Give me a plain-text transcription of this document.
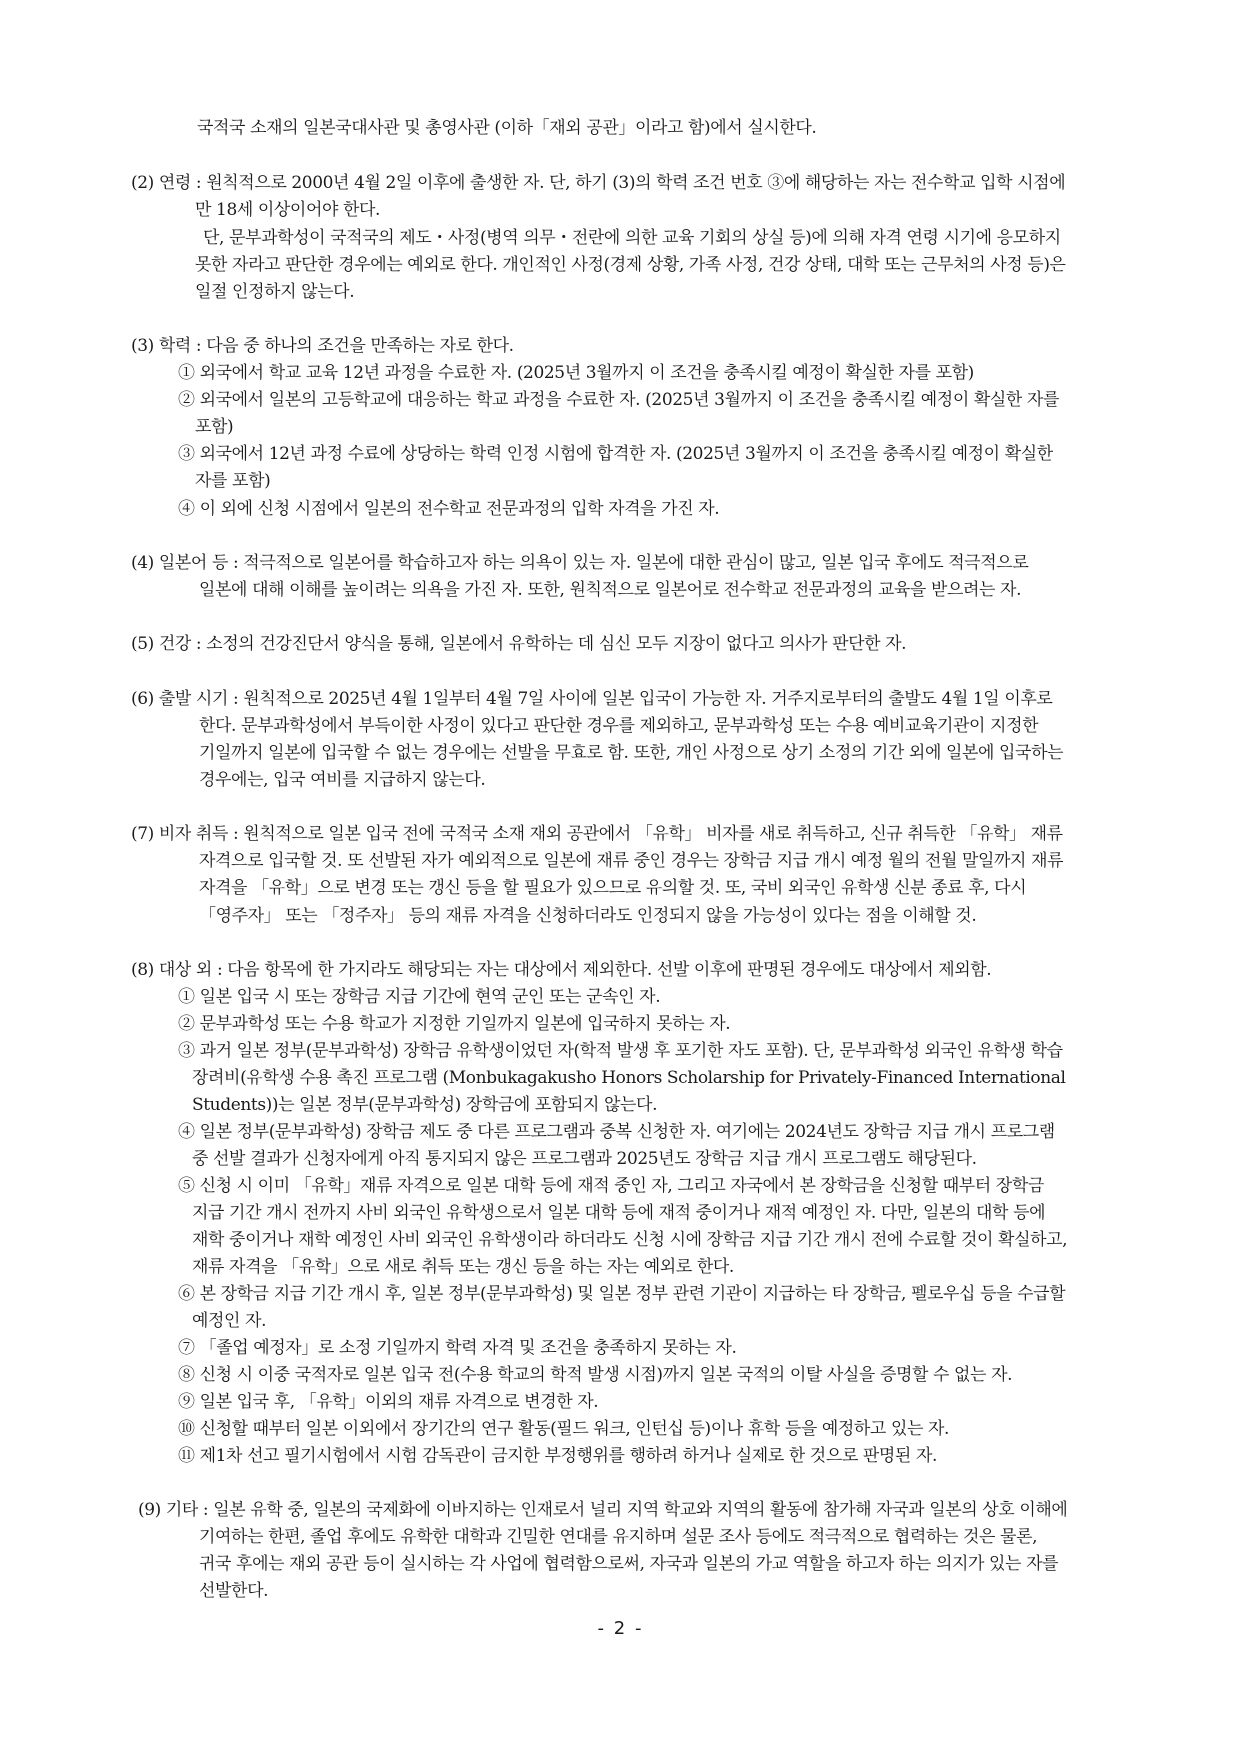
국적국 소재의 일본국대사관 및 총영사관 (이하「재외 공관」이라고 함)에서 실시한다.
(2) 연령 : 원칙적으로 2000년 4월 2일 이후에 출생한 자. 단, 하기 (3)의 학력 조건 번호 ③에 해당하는 자는 전수학교 입학 시점에
만 18세 이상이어야 한다.
단, 문부과학성이 국적국의 제도・사정(병역 의무・전란에 의한 교육 기회의 상실 등)에 의해 자격 연령 시기에 응모하지
못한 자라고 판단한 경우에는 예외로 한다. 개인적인 사정(경제 상황, 가족 사정, 건강 상태, 대학 또는 근무처의 사정 등)은
일절 인정하지 않는다.
(3) 학력 : 다음 중 하나의 조건을 만족하는 자로 한다.
① 외국에서 학교 교육 12년 과정을 수료한 자. (2025년 3월까지 이 조건을 충족시킬 예정이 확실한 자를 포함)
② 외국에서 일본의 고등학교에 대응하는 학교 과정을 수료한 자. (2025년 3월까지 이 조건을 충족시킬 예정이 확실한 자를
포함)
③ 외국에서 12년 과정 수료에 상당하는 학력 인정 시험에 합격한 자. (2025년 3월까지 이 조건을 충족시킬 예정이 확실한
자를 포함)
④ 이 외에 신청 시점에서 일본의 전수학교 전문과정의 입학 자격을 가진 자.
(4) 일본어 등 : 적극적으로 일본어를 학습하고자 하는 의욕이 있는 자. 일본에 대한 관심이 많고, 일본 입국 후에도 적극적으로
일본에 대해 이해를 높이려는 의욕을 가진 자. 또한, 원칙적으로 일본어로 전수학교 전문과정의 교육을 받으려는 자.
(5) 건강 : 소정의 건강진단서 양식을 통해, 일본에서 유학하는 데 심신 모두 지장이 없다고 의사가 판단한 자.
(6) 출발 시기 : 원칙적으로 2025년 4월 1일부터 4월 7일 사이에 일본 입국이 가능한 자. 거주지로부터의 출발도 4월 1일 이후로
한다. 문부과학성에서 부득이한 사정이 있다고 판단한 경우를 제외하고, 문부과학성 또는 수용 예비교육기관이 지정한
기일까지 일본에 입국할 수 없는 경우에는 선발을 무효로 함. 또한, 개인 사정으로 상기 소정의 기간 외에 일본에 입국하는
경우에는, 입국 여비를 지급하지 않는다.
(7) 비자 취득 : 원칙적으로 일본 입국 전에 국적국 소재 재외 공관에서 「유학」 비자를 새로 취득하고, 신규 취득한 「유학」 재류
자격으로 입국할 것. 또 선발된 자가 예외적으로 일본에 재류 중인 경우는 장학금 지급 개시 예정 월의 전월 말일까지 재류
자격을 「유학」으로 변경 또는 갱신 등을 할 필요가 있으므로 유의할 것. 또, 국비 외국인 유학생 신분 종료 후, 다시
「영주자」 또는 「정주자」 등의 재류 자격을 신청하더라도 인정되지 않을 가능성이 있다는 점을 이해할 것.
(8) 대상 외 : 다음 항목에 한 가지라도 해당되는 자는 대상에서 제외한다. 선발 이후에 판명된 경우에도 대상에서 제외함.
① 일본 입국 시 또는 장학금 지급 기간에 현역 군인 또는 군속인 자.
② 문부과학성 또는 수용 학교가 지정한 기일까지 일본에 입국하지 못하는 자.
③ 과거 일본 정부(문부과학성) 장학금 유학생이었던 자(학적 발생 후 포기한 자도 포함). 단, 문부과학성 외국인 유학생 학습
장려비(유학생 수용 촉진 프로그램 (Monbukagakusho Honors Scholarship for Privately-Financed International
Students))는 일본 정부(문부과학성) 장학금에 포함되지 않는다.
④ 일본 정부(문부과학성) 장학금 제도 중 다른 프로그램과 중복 신청한 자. 여기에는 2024년도 장학금 지급 개시 프로그램
중 선발 결과가 신청자에게 아직 통지되지 않은 프로그램과 2025년도 장학금 지급 개시 프로그램도 해당된다.
⑤ 신청 시 이미 「유학」재류 자격으로 일본 대학 등에 재적 중인 자, 그리고 자국에서 본 장학금을 신청할 때부터 장학금
지급 기간 개시 전까지 사비 외국인 유학생으로서 일본 대학 등에 재적 중이거나 재적 예정인 자. 다만, 일본의 대학 등에
재학 중이거나 재학 예정인 사비 외국인 유학생이라 하더라도 신청 시에 장학금 지급 기간 개시 전에 수료할 것이 확실하고,
재류 자격을 「유학」으로 새로 취득 또는 갱신 등을 하는 자는 예외로 한다.
⑥ 본 장학금 지급 기간 개시 후, 일본 정부(문부과학성) 및 일본 정부 관련 기관이 지급하는 타 장학금, 펠로우십 등을 수급할
예정인 자.
⑦ 「졸업 예정자」로 소정 기일까지 학력 자격 및 조건을 충족하지 못하는 자.
⑧ 신청 시 이중 국적자로 일본 입국 전(수용 학교의 학적 발생 시점)까지 일본 국적의 이탈 사실을 증명할 수 없는 자.
⑨ 일본 입국 후, 「유학」이외의 재류 자격으로 변경한 자.
⑩ 신청할 때부터 일본 이외에서 장기간의 연구 활동(필드 워크, 인턴십 등)이나 휴학 등을 예정하고 있는 자.
⑪ 제1차 선고 필기시험에서 시험 감독관이 금지한 부정행위를 행하려 하거나 실제로 한 것으로 판명된 자.
(9) 기타 : 일본 유학 중, 일본의 국제화에 이바지하는 인재로서 널리 지역 학교와 지역의 활동에 참가해 자국과 일본의 상호 이해에
기여하는 한편, 졸업 후에도 유학한 대학과 긴밀한 연대를 유지하며 설문 조사 등에도 적극적으로 협력하는 것은 물론,
귀국 후에는 재외 공관 등이 실시하는 각 사업에 협력함으로써, 자국과 일본의 가교 역할을 하고자 하는 의지가 있는 자를
선발한다.
- 2 -
